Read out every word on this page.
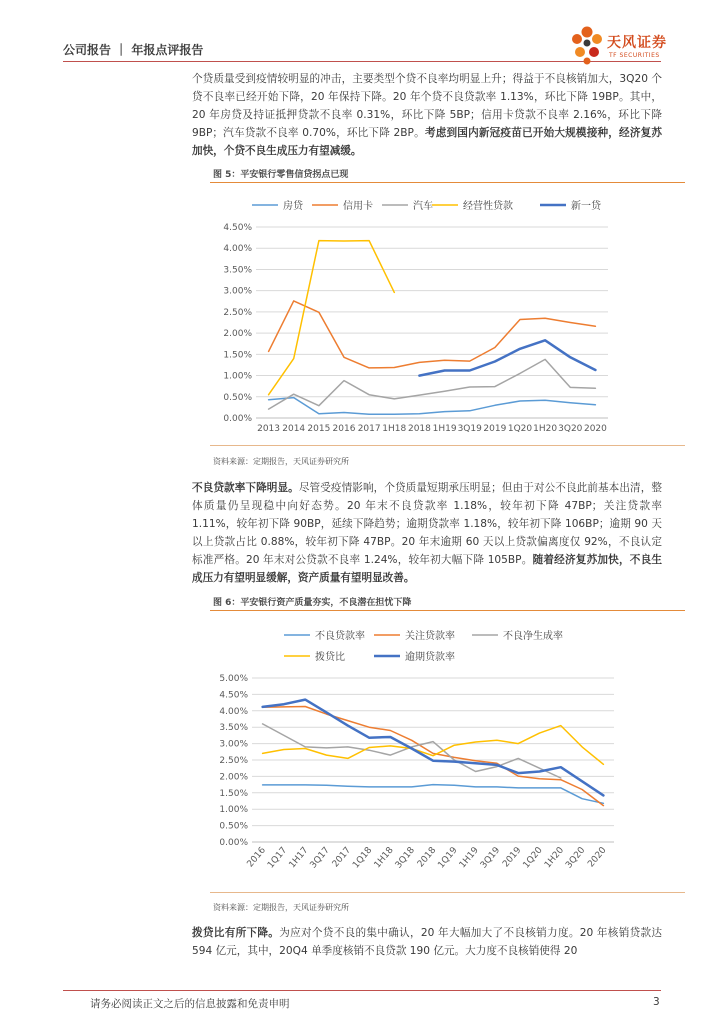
公司报告 ｜ 年报点评报告	天风证券
TF SECURITIES

个贷质量受到疫情较明显的冲击，主要类型个贷不良率均明显上升；得益于不良核销加大，3Q20 个贷不良率已经开始下降，20 年保持下降。20 年个贷不良贷款率 1.13%，环比下降 19BP。其中，20 年房贷及持证抵押贷款不良率 0.31%，环比下降 5BP；信用卡贷款不良率 2.16%，环比下降 9BP；汽车贷款不良率 0.70%，环比下降 2BP。考虑到国内新冠疫苗已开始大规模接种，经济复苏加快，个贷不良生成压力有望减缓。

图 5：平安银行零售信贷拐点已现
0.00%
0.50%
1.00%
1.50%
2.00%
2.50%
3.00%
3.50%
4.00%
4.50%
2013 2014 2015 2016 2017 1H18 2018 1H19 3Q19 2019 1Q20 1H20 3Q20 2020
房贷	信用卡	汽车	经营性贷款	新一贷
资料来源：定期报告，天风证券研究所

不良贷款率下降明显。尽管受疫情影响，个贷质量短期承压明显；但由于对公不良此前基本出清，整体质量仍呈现稳中向好态势。20 年末不良贷款率 1.18%，较年初下降 47BP；关注贷款率 1.11%，较年初下降 90BP，延续下降趋势；逾期贷款率 1.18%，较年初下降 106BP；逾期 90 天以上贷款占比 0.88%，较年初下降 47BP。20 年末逾期 60 天以上贷款偏离度仅 92%，不良认定标准严格。20 年末对公贷款不良率 1.24%，较年初大幅下降 105BP。随着经济复苏加快，不良生成压力有望明显缓解，资产质量有望明显改善。

图 6：平安银行资产质量夯实，不良潜在担忧下降
0.00%
0.50%
1.00%
1.50%
2.00%
2.50%
3.00%
3.50%
4.00%
4.50%
5.00%
2016
1Q17
1H17
3Q17
2017
1Q18
1H18
3Q18
2018
1Q19
1H19
3Q19
2019
1Q20
1H20
3Q20
2020
不良贷款率	关注贷款率	不良净生成率
拨贷比	逾期贷款率
资料来源：定期报告，天风证券研究所

拨贷比有所下降。为应对个贷不良的集中确认，20 年大幅加大了不良核销力度。20 年核销贷款达 594 亿元，其中，20Q4 单季度核销不良贷款 190 亿元。大力度不良核销使得 20

请务必阅读正文之后的信息披露和免责申明	3
